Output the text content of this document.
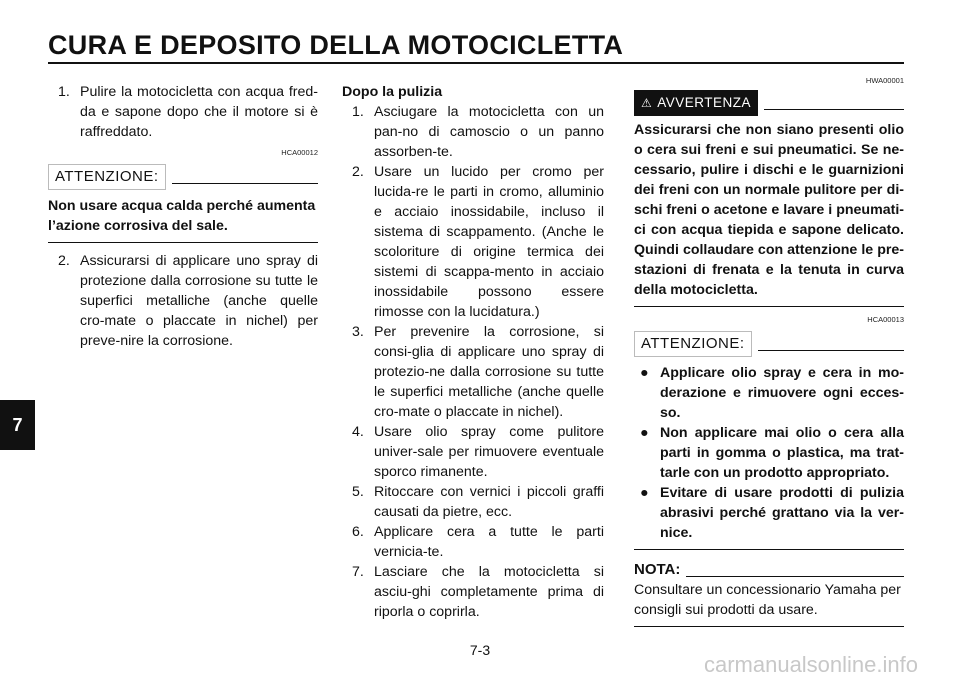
CURA E DEPOSITO DELLA MOTOCICLETTA
7
1. Pulire la motocicletta con acqua fred-da e sapone dopo che il motore si è raffreddato.
HCA00012
ATTENZIONE:
Non usare acqua calda perché aumenta l’azione corrosiva del sale.
2. Assicurarsi di applicare uno spray di protezione dalla corrosione su tutte le superfici metalliche (anche quelle cro-mate o placcate in nichel) per preve-nire la corrosione.
Dopo la pulizia
1. Asciugare la motocicletta con un pan-no di camoscio o un panno assorben-te.
2. Usare un lucido per cromo per lucida-re le parti in cromo, alluminio e acciaio inossidabile, incluso il sistema di scappamento. (Anche le scoloriture di origine termica dei sistemi di scappa-mento in acciaio inossidabile possono essere rimosse con la lucidatura.)
3. Per prevenire la corrosione, si consi-glia di applicare uno spray di protezio-ne dalla corrosione su tutte le superfici metalliche (anche quelle cro-mate o placcate in nichel).
4. Usare olio spray come pulitore univer-sale per rimuovere eventuale sporco rimanente.
5. Ritoccare con vernici i piccoli graffi causati da pietre, ecc.
6. Applicare cera a tutte le parti vernicia-te.
7. Lasciare che la motocicletta si asciu-ghi completamente prima di riporla o coprirla.
HWA00001
⚠ AVVERTENZA
Assicurarsi che non siano presenti olio o cera sui freni e sui pneumatici. Se ne-cessario, pulire i dischi e le guarnizioni dei freni con un normale pulitore per di-schi freni o acetone e lavare i pneumati-ci con acqua tiepida e sapone delicato. Quindi collaudare con attenzione le pre-stazioni di frenata e la tenuta in curva della motocicletta.
HCA00013
ATTENZIONE:
● Applicare olio spray e cera in mo-derazione e rimuovere ogni ecces-so.
● Non applicare mai olio o cera alla parti in gomma o plastica, ma trat-tarle con un prodotto appropriato.
● Evitare di usare prodotti di pulizia abrasivi perché grattano via la ver-nice.
NOTA:
Consultare un concessionario Yamaha per consigli sui prodotti da usare.
7-3
carmanualsonline.info
